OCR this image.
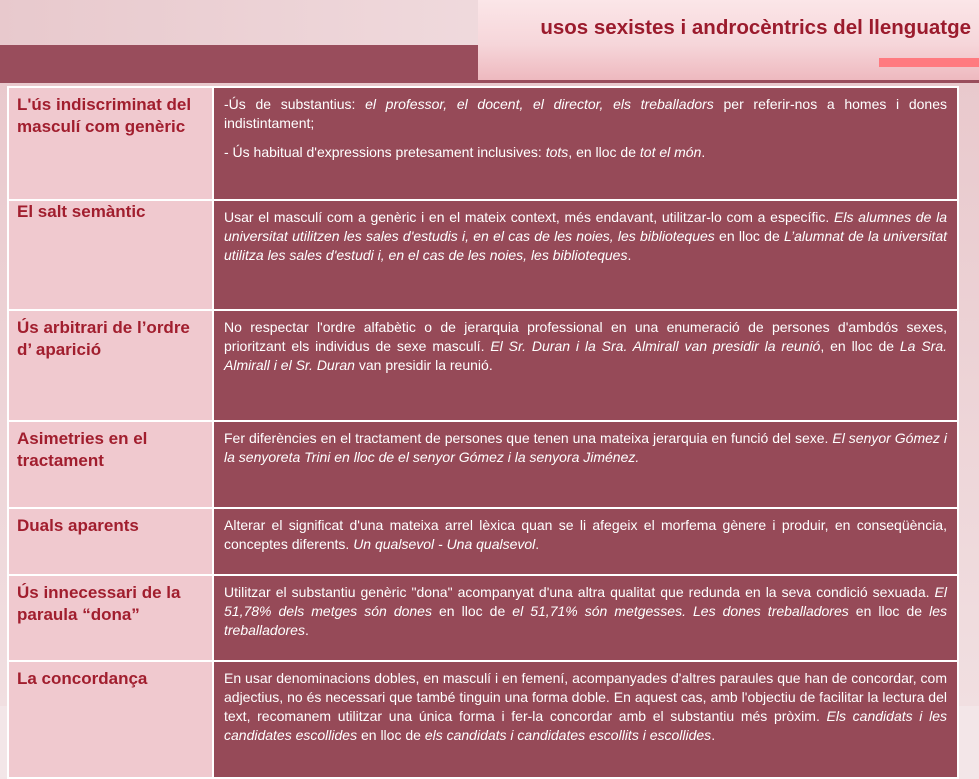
usos sexistes i androcèntrics del llenguatge
L'ús indiscriminat del masculí com genèric	-Ús de substantius: el professor, el docent, el director, els treballadors per referir-nos a homes i dones indistintament;

- Ús habitual d'expressions pretesament inclusives: tots, en lloc de tot el món.

El salt semàntic	Usar el masculí com a genèric i en el mateix context, més endavant, utilitzar-lo com a específic. Els alumnes de la universitat utilitzen les sales d'estudis i, en el cas de les noies, les biblioteques en lloc de L’alumnat de la universitat utilitza les sales d'estudi i, en el cas de les noies, les biblioteques.

Ús arbitrari de l’ordre d’ aparició	No respectar l'ordre alfabètic o de jerarquia professional en una enumeració de persones d'ambdós sexes, prioritzant els individus de sexe masculí. El Sr. Duran i la Sra. Almirall van presidir la reunió, en lloc de La Sra. Almirall i el Sr. Duran van presidir la reunió.

Asimetries en el tractament	Fer diferències en el tractament de persones que tenen una mateixa jerarquia en funció del sexe. El senyor Gómez i la senyoreta Trini en lloc de el senyor Gómez i la senyora Jiménez.

Duals aparents	Alterar el significat d'una mateixa arrel lèxica quan se li afegeix el morfema gènere i produir, en conseqüència, conceptes diferents. Un qualsevol - Una qualsevol.

Ús innecessari de la paraula “dona”	Utilitzar el substantiu genèric "dona" acompanyat d'una altra qualitat que redunda en la seva condició sexuada. El 51,78% dels metges són dones en lloc de el 51,71% són metgesses. Les dones treballadores en lloc de les treballadores.

La concordança	En usar denominacions dobles, en masculí i en femení, acompanyades d'altres paraules que han de concordar, com adjectius, no és necessari que també tinguin una forma doble. En aquest cas, amb l'objectiu de facilitar la lectura del text, recomanem utilitzar una única forma i fer-la concordar amb el substantiu més pròxim. Els candidats i les candidates escollides en lloc de els candidats i candidates escollits i escollides.
